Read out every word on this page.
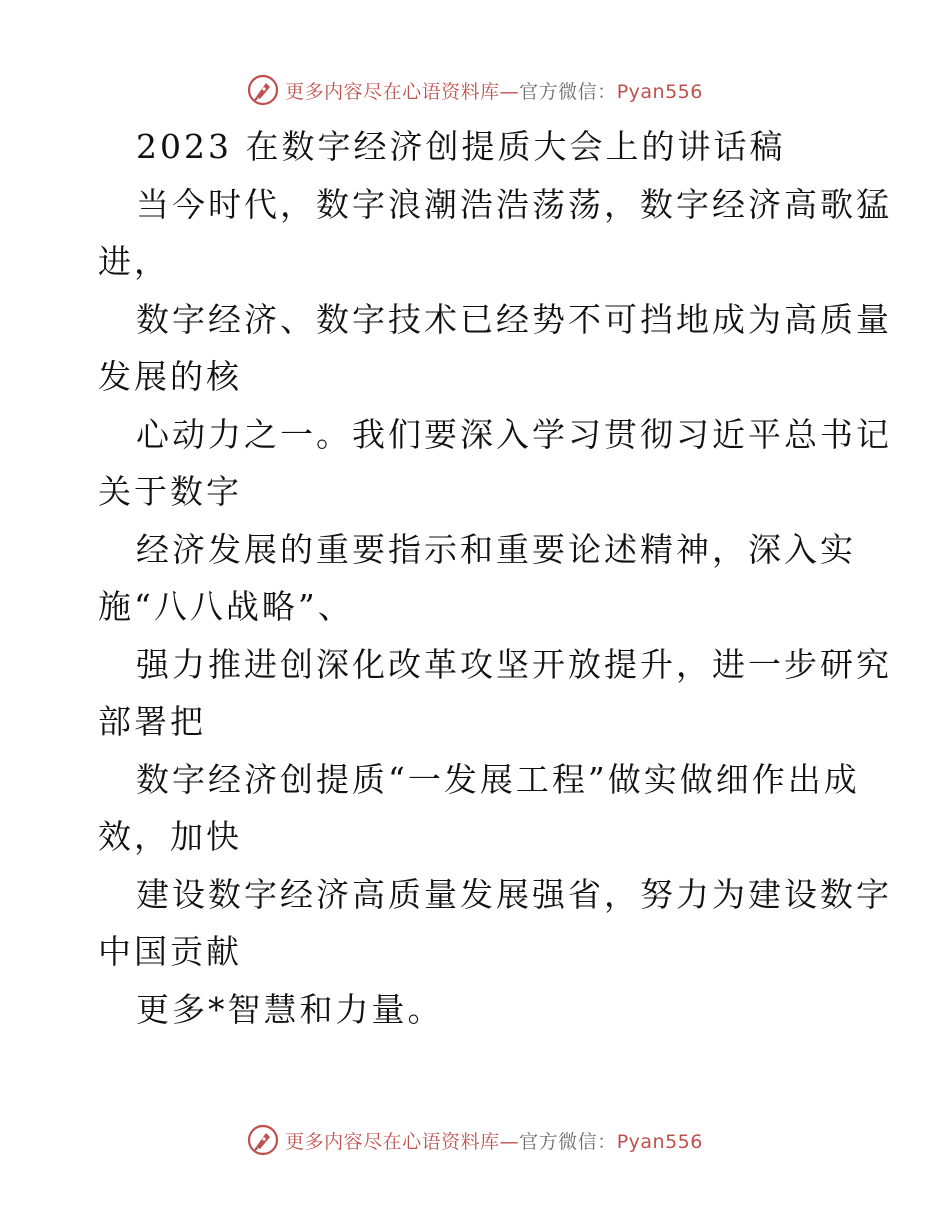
更多内容尽在心语资料库—官方微信：Pyan556
2023 在数字经济创提质大会上的讲话稿
当今时代，数字浪潮浩浩荡荡，数字经济高歌猛
进，
数字经济、数字技术已经势不可挡地成为高质量
发展的核
心动力之一。我们要深入学习贯彻习近平总书记
关于数字
经济发展的重要指示和重要论述精神，深入实
施“八八战略”、
强力推进创深化改革攻坚开放提升，进一步研究
部署把
数字经济创提质“一发展工程”做实做细作出成
效，加快
建设数字经济高质量发展强省，努力为建设数字
中国贡献
更多*智慧和力量。
更多内容尽在心语资料库—官方微信：Pyan556
